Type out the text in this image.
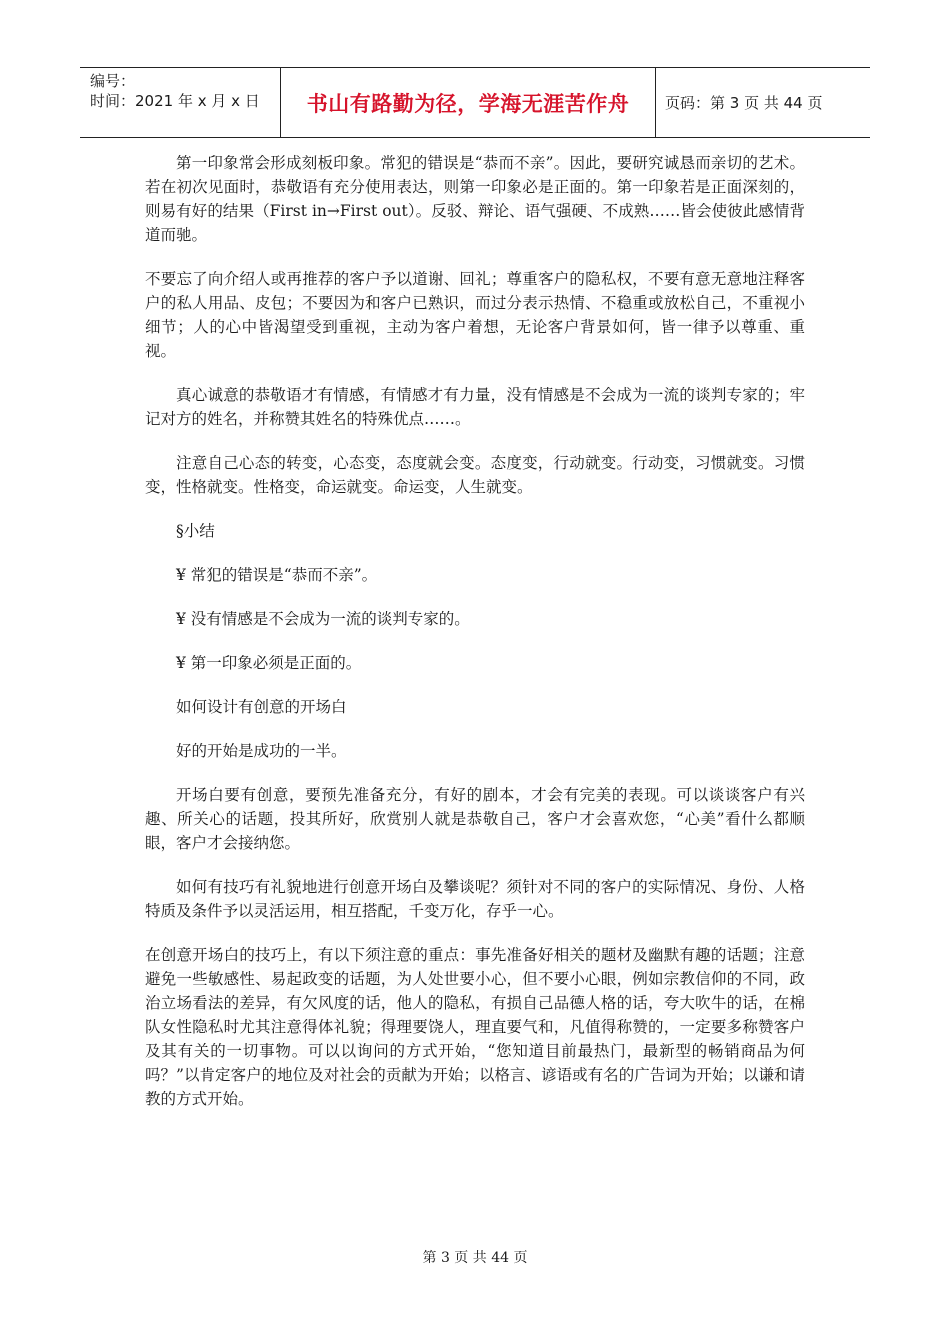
编号：
时间：2021 年 x 月 x 日	书山有路勤为径，学海无涯苦作舟	页码：第 3 页 共 44 页

第一印象常会形成刻板印象。常犯的错误是“恭而不亲”。因此，要研究诚恳而亲切的艺术。若在初次见面时，恭敬语有充分使用表达，则第一印象必是正面的。第一印象若是正面深刻的，则易有好的结果（First in→First out）。反驳、辩论、语气强硬、不成熟……皆会使彼此感情背道而驰。

不要忘了向介绍人或再推荐的客户予以道谢、回礼；尊重客户的隐私权，不要有意无意地注释客户的私人用品、皮包；不要因为和客户已熟识，而过分表示热情、不稳重或放松自己，不重视小细节；人的心中皆渴望受到重视，主动为客户着想，无论客户背景如何，皆一律予以尊重、重视。

真心诚意的恭敬语才有情感，有情感才有力量，没有情感是不会成为一流的谈判专家的；牢记对方的姓名，并称赞其姓名的特殊优点……。

注意自己心态的转变，心态变，态度就会变。态度变，行动就变。行动变，习惯就变。习惯变，性格就变。性格变，命运就变。命运变，人生就变。

§小结

¥ 常犯的错误是“恭而不亲”。

¥ 没有情感是不会成为一流的谈判专家的。

¥ 第一印象必须是正面的。

如何设计有创意的开场白

好的开始是成功的一半。

开场白要有创意，要预先准备充分，有好的剧本，才会有完美的表现。可以谈谈客户有兴趣、所关心的话题，投其所好，欣赏别人就是恭敬自己，客户才会喜欢您，“心美”看什么都顺眼，客户才会接纳您。

如何有技巧有礼貌地进行创意开场白及攀谈呢？须针对不同的客户的实际情况、身份、人格特质及条件予以灵活运用，相互搭配，千变万化，存乎一心。

在创意开场白的技巧上，有以下须注意的重点：事先准备好相关的题材及幽默有趣的话题；注意避免一些敏感性、易起政变的话题，为人处世要小心，但不要小心眼，例如宗教信仰的不同，政治立场看法的差异，有欠风度的话，他人的隐私，有损自己品德人格的话，夸大吹牛的话，在棉队女性隐私时尤其注意得体礼貌；得理要饶人，理直要气和，凡值得称赞的，一定要多称赞客户及其有关的一切事物。可以以询问的方式开始，“您知道目前最热门，最新型的畅销商品为何吗？”以肯定客户的地位及对社会的贡献为开始；以格言、谚语或有名的广告词为开始；以谦和请教的方式开始。

第 3 页 共 44 页
